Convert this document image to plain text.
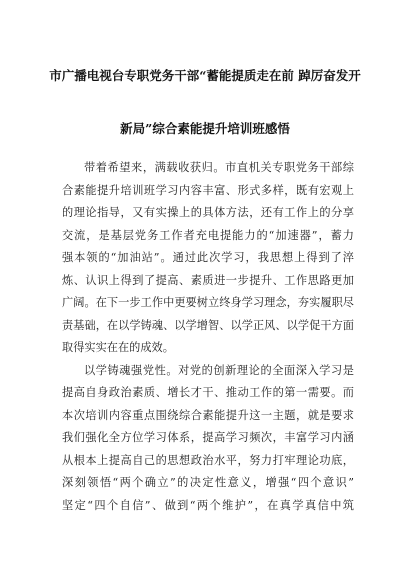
市广播电视台专职党务干部“蓄能提质走在前 踔厉奋发开
新局”综合素能提升培训班感悟
带着希望来，满载收获归。市直机关专职党务干部综
合素能提升培训班学习内容丰富、形式多样，既有宏观上
的理论指导，又有实操上的具体方法，还有工作上的分享
交流，是基层党务工作者充电提能力的“加速器”，蓄力
强本领的“加油站”。通过此次学习，我思想上得到了淬
炼、认识上得到了提高、素质进一步提升、工作思路更加
广阔。在下一步工作中更要树立终身学习理念，夯实履职尽
责基础，在以学铸魂、以学增智、以学正风、以学促干方面
取得实实在在的成效。
以学铸魂强党性。对党的创新理论的全面深入学习是
提高自身政治素质、增长才干、推动工作的第一需要。而
本次培训内容重点围绕综合素能提升这一主题，就是要求
我们强化全方位学习体系，提高学习频次，丰富学习内涵
从根本上提高自己的思想政治水平，努力打牢理论功底，
深刻领悟“两个确立”的决定性意义，增强“四个意识”
坚定“四个自信”、做到“两个维护”，在真学真信中筑
